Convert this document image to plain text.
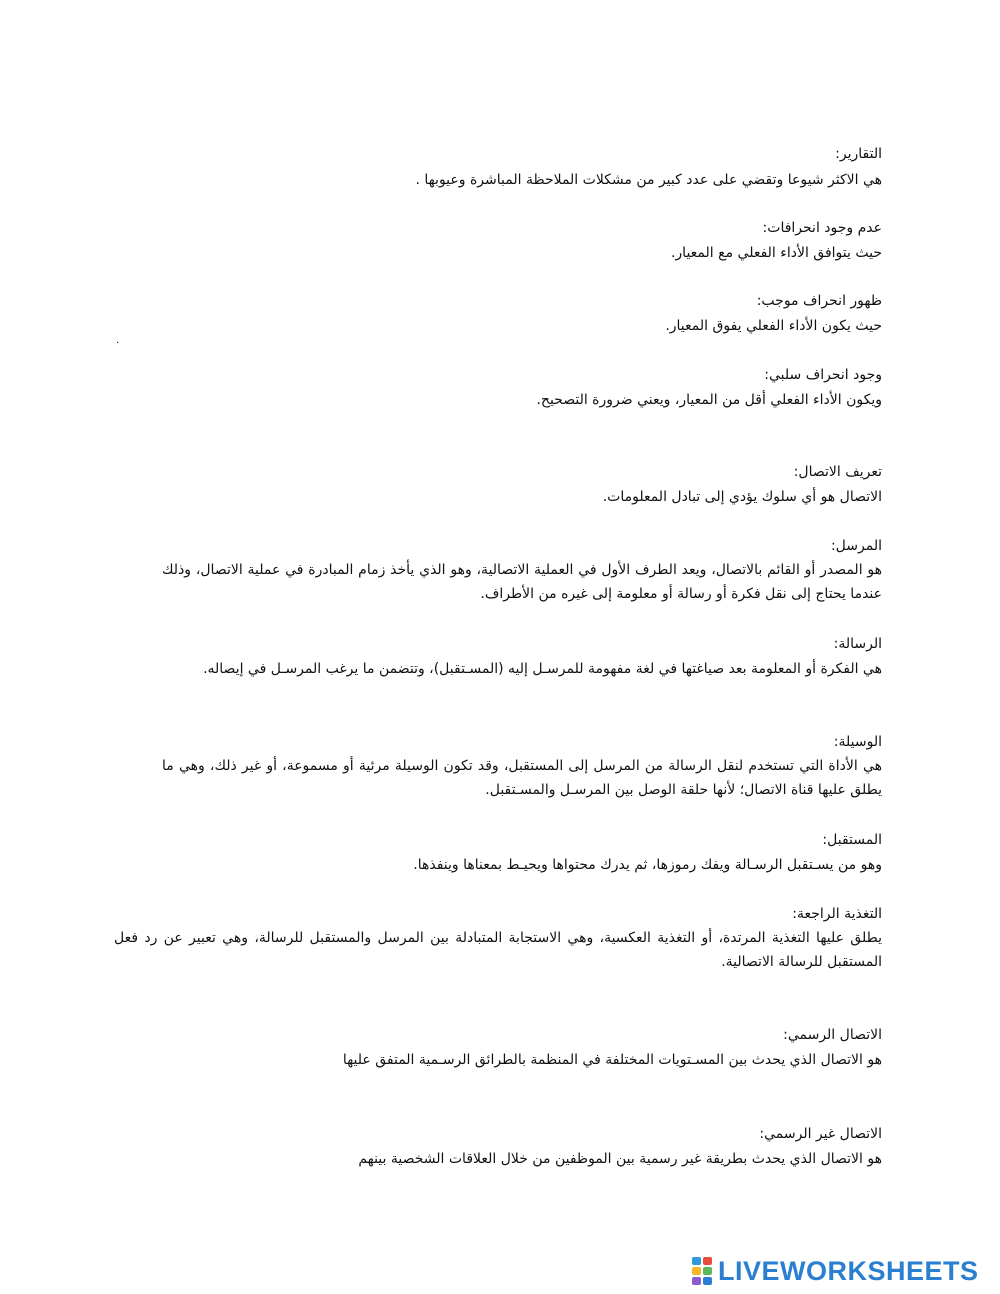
التقارير:
هي الاكثر شيوعا وتقضي على عدد كبير من مشكلات الملاحظة المباشرة وعيوبها .
عدم وجود انحرافات:
حيث يتوافق الأداء الفعلي مع المعيار.
ظهور انحراف موجب:
حيث يكون الأداء الفعلي يفوق المعيار.
.
وجود انحراف سلبي:
ويكون الأداء الفعلي أقل من المعيار، ويعني ضرورة التصحيح.
تعريف الاتصال:
الاتصال هو أي سلوك يؤدي إلى تبادل المعلومات.
المرسل:
هو المصدر أو القائم بالاتصال، ويعد الطرف الأول في العملية الاتصالية، وهو الذي يأخذ زمام المبادرة في عملية الاتصال، وذلك عندما يحتاج إلى نقل فكرة أو رسالة أو معلومة إلى غيره من الأطراف.
الرسالة:
هي الفكرة أو المعلومة بعد صياغتها في لغة مفهومة للمرسـل إليه (المسـتقبل)، وتتضمن ما يرغب المرسـل في إيصاله.
الوسيلة:
هي الأداة التي تستخدم لنقل الرسالة من المرسل إلى المستقبل، وقد تكون الوسيلة مرئية أو مسموعة، أو غير ذلك، وهي ما يطلق عليها قناة الاتصال؛ لأنها حلقة الوصل بين المرسـل والمسـتقبل.
المستقبل:
وهو من يسـتقبل الرسـالة ويفك رموزها، ثم يدرك محتواها ويحيـط بمعناها وينفذها.
التغذية الراجعة:
يطلق عليها التغذية المرتدة، أو التغذية العكسية، وهي الاستجابة المتبادلة بين المرسل والمستقبل للرسالة، وهي تعبير عن رد فعل المستقبل للرسالة الاتصالية.
الاتصال الرسمي:
هو الاتصال الذي يحدث بين المسـتويات المختلفة في المنظمة بالطرائق الرسـمية المتفق عليها
الاتصال غير الرسمي:
هو الاتصال الذي يحدث بطريقة غير رسمية بين الموظفين من خلال العلاقات الشخصية بينهم
LIVEWORKSHEETS
